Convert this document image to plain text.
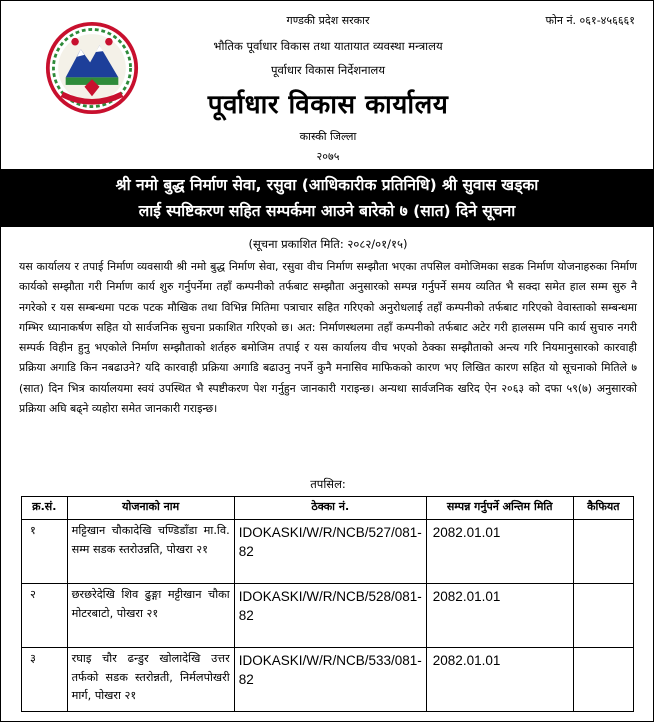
फोन नं. ०६१-४५६६६१
गण्डकी प्रदेश सरकार
भौतिक पूर्वाधार विकास तथा यातायात व्यवस्था मन्त्रालय
पूर्वाधार विकास निर्देशनालय
पूर्वाधार विकास कार्यालय
कास्की जिल्ला
२०७५
श्री नमो बुद्ध निर्माण सेवा, रसुवा (आधिकारीक प्रतिनिधि) श्री सुवास खड्का
लाई स्पष्टिकरण सहित सम्पर्कमा आउने बारेको ७ (सात) दिने सूचना
(सूचना प्रकाशित मिति: २०८२/०१/१५)

यस कार्यालय र तपाई निर्माण व्यवसायी श्री नमो बुद्ध निर्माण सेवा, रसुवा वीच निर्माण सम्झौता भएका तपसिल वमोजिमका सडक निर्माण योजनाहरुका निर्माण कार्यको सम्झौता गरी निर्माण कार्य शुरु गर्नुपर्नेमा तहाँ कम्पनीको तर्फबाट सम्झौता अनुसारको सम्पन्न गर्नुपर्ने समय व्यतित भै सक्दा समेत हाल सम्म सुरु नै नगरेको र यस सम्बन्धमा पटक पटक मौखिक तथा विभिन्न मितिमा पत्राचार सहित गरिएको अनुरोधलाई तहाँ कम्पनीको तर्फबाट गरिएको वेवास्ताको सम्बन्धमा गम्भिर ध्यानाकर्षण सहित यो सार्वजनिक सुचना प्रकाशित गरिएको छ। अत: निर्माणस्थलमा तहाँ कम्पनीको तर्फबाट अटेर गरी हालसम्म पनि कार्य सुचारु नगरी सम्पर्क विहीन हुनु भएकोले निर्माण सम्झौताको शर्तहरु बमोजिम तपाई र यस कार्यालय वीच भएको ठेक्का सम्झौताको अन्त्य गरि नियमानुसारको कारवाही प्रक्रिया अगाडि किन नबढाउने? यदि कारवाही प्रक्रिया अगाडि बढाउनु नपर्ने कुनै मनासिव माफिकको कारण भए लिखित कारण सहित यो सूचनाको मितिले ७ (सात) दिन भित्र कार्यालयमा स्वयं उपस्थित भै स्पष्टीकरण पेश गर्नुहुन जानकारी गराइन्छ। अन्यथा सार्वजनिक खरिद ऐन २०६३ को दफा ५९(७) अनुसारको प्रक्रिया अघि बढ्ने व्यहोरा समेत जानकारी गराइन्छ।

तपसिल:
क्र.सं.	योजनाको नाम	ठेक्का नं.	सम्पन्न गर्नुपर्ने अन्तिम मिति	कैफियत
१	मट्टिखान चौकादेखि चण्डिडाँडा मा.वि. सम्म सडक स्तरोउन्नति, पोखरा २१	IDOKASKI/W/R/NCB/527/081-82	2082.01.01	
२	छरछरेदेखि शिव ढुङ्गा मट्टीखान चौका मोटरबाटो, पोखरा २१	IDOKASKI/W/R/NCB/528/081-82	2082.01.01	
३	रघाइ चौर ढन्डुर खोलादेखि उत्तर तर्फको सडक स्तरोन्नती, निर्मलपोखरी मार्ग, पोखरा २१	IDOKASKI/W/R/NCB/533/081-82	2082.01.01	
